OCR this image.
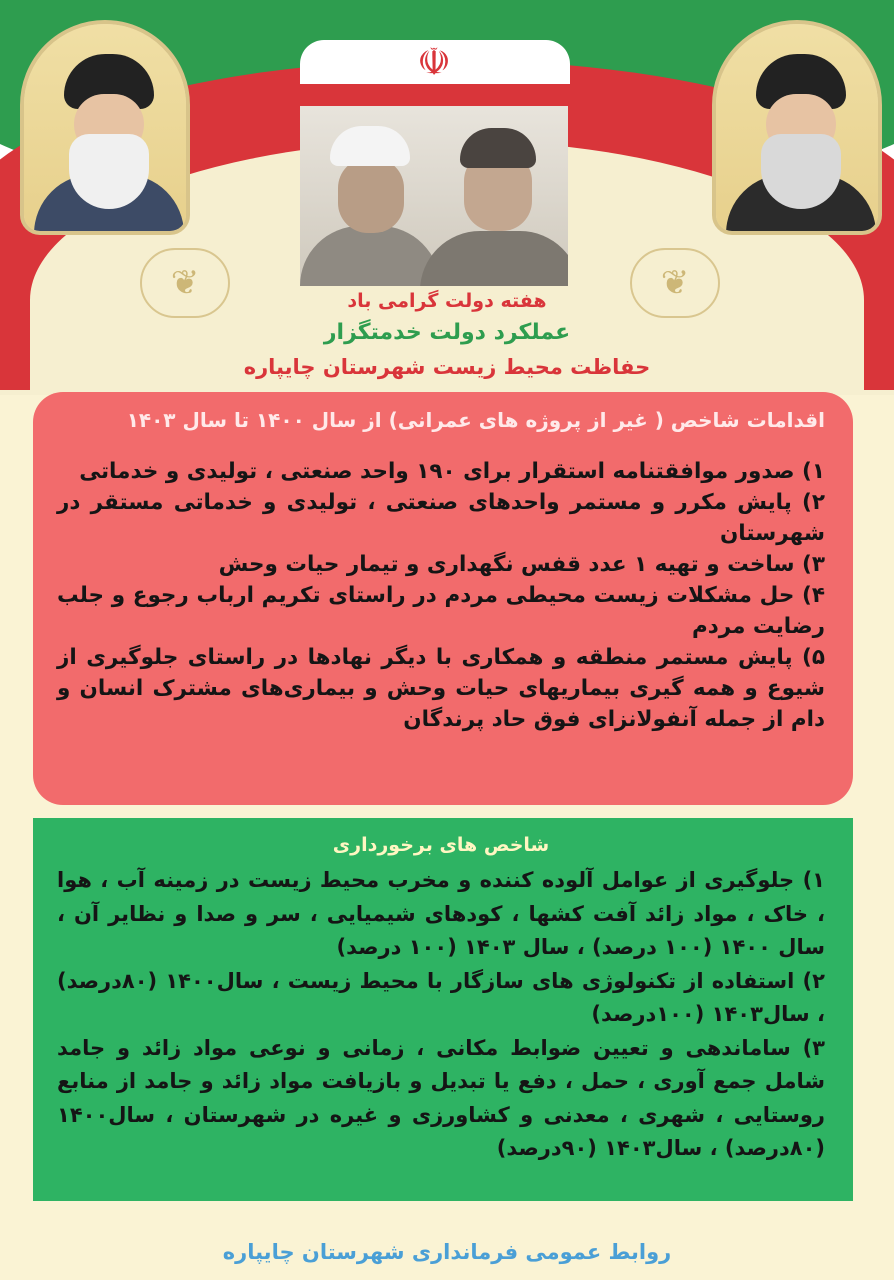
☫
❦	❦
هفته دولت گرامی باد
عملکرد دولت خدمتگزار
حفاظت محیط زیست شهرستان چایپاره
اقدامات شاخص ( غیر از پروژه های عمرانی) از سال ۱۴۰۰ تا سال ۱۴۰۳
۱) صدور موافقتنامه استقرار برای ۱۹۰ واحد صنعتی ، تولیدی و خدماتی
۲) پایش مکرر و مستمر واحدهای صنعتی ، تولیدی و خدماتی مستقر در شهرستان
۳) ساخت و تهیه ۱ عدد قفس نگهداری و تیمار حیات وحش
۴) حل مشکلات زیست محیطی مردم در راستای تکریم ارباب رجوع و جلب رضایت مردم
۵) پایش مستمر منطقه و همکاری با دیگر نهادها در راستای جلوگیری از شیوع و همه گیری بیماریهای حیات وحش و بیماری‌های مشترک انسان و دام از جمله آنفولانزای فوق حاد پرندگان
شاخص های برخورداری
۱) جلوگیری از عوامل آلوده کننده و مخرب محیط زیست در زمینه آب ، هوا ، خاک ، مواد زائد آفت کشها ، کودهای شیمیایی ، سر و صدا و نظایر آن ، سال ۱۴۰۰ (۱۰۰ درصد) ، سال ۱۴۰۳ (۱۰۰ درصد)
۲) استفاده از تکنولوژی های سازگار با محیط زیست ، سال۱۴۰۰ (۸۰درصد) ، سال۱۴۰۳ (۱۰۰درصد)
۳) ساماندهی و تعیین ضوابط مکانی ، زمانی و نوعی مواد زائد و جامد شامل جمع آوری ، حمل ، دفع یا تبدیل و بازیافت مواد زائد و جامد از منابع روستایی ، شهری ، معدنی و کشاورزی و غیره در شهرستان ، سال۱۴۰۰ (۸۰درصد) ، سال۱۴۰۳ (۹۰درصد)
روابط عمومی فرمانداری شهرستان چایپاره
